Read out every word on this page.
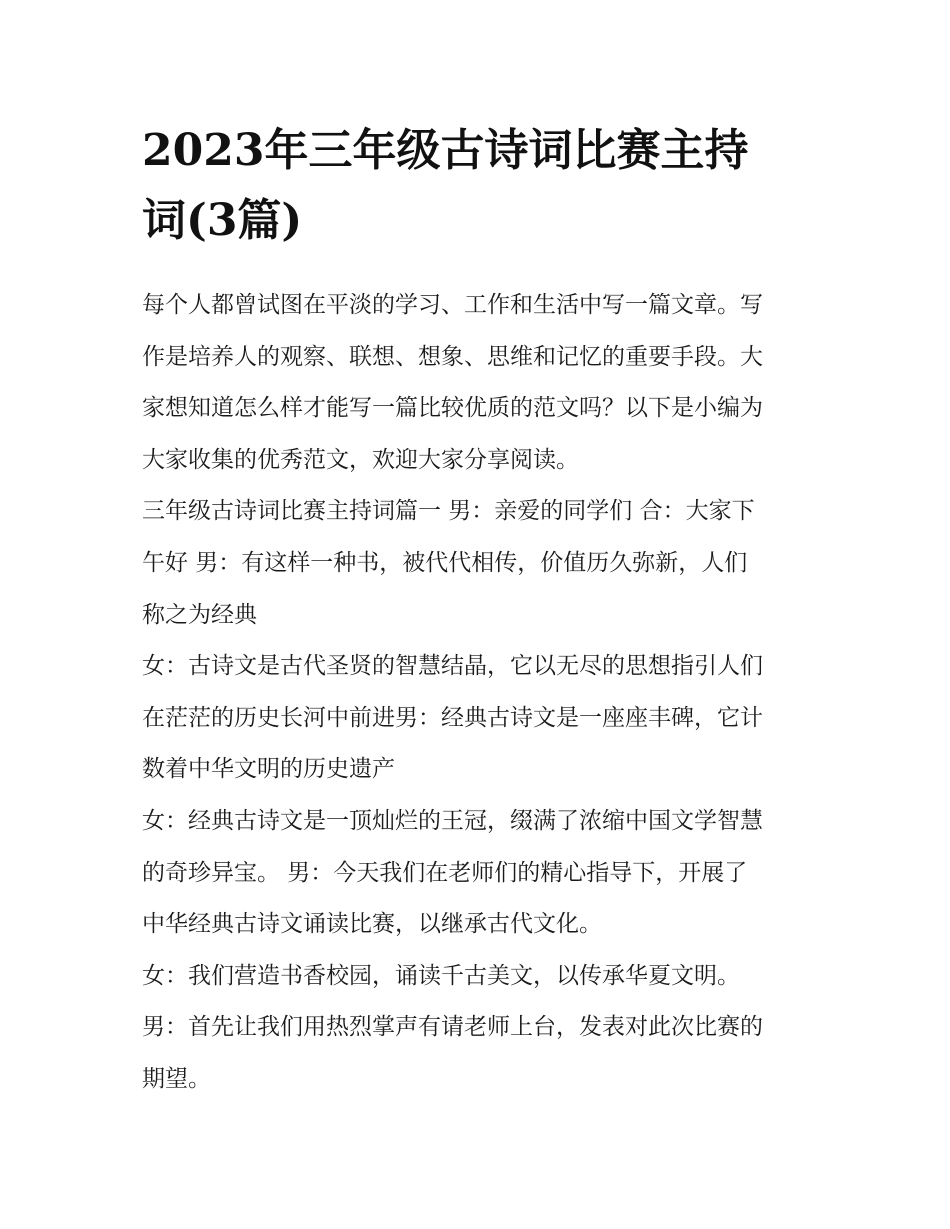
2023年三年级古诗词比赛主持
词(3篇)
每个人都曾试图在平淡的学习、工作和生活中写一篇文章。写
作是培养人的观察、联想、想象、思维和记忆的重要手段。大
家想知道怎么样才能写一篇比较优质的范文吗？以下是小编为
大家收集的优秀范文，欢迎大家分享阅读。
三年级古诗词比赛主持词篇一 男：亲爱的同学们 合：大家下
午好 男：有这样一种书，被代代相传，价值历久弥新，人们
称之为经典
女：古诗文是古代圣贤的智慧结晶，它以无尽的思想指引人们
在茫茫的历史长河中前进男：经典古诗文是一座座丰碑，它计
数着中华文明的历史遗产
女：经典古诗文是一顶灿烂的王冠，缀满了浓缩中国文学智慧
的奇珍异宝。 男：今天我们在老师们的精心指导下，开展了
中华经典古诗文诵读比赛，以继承古代文化。
女：我们营造书香校园，诵读千古美文，以传承华夏文明。
男：首先让我们用热烈掌声有请老师上台，发表对此次比赛的
期望。
